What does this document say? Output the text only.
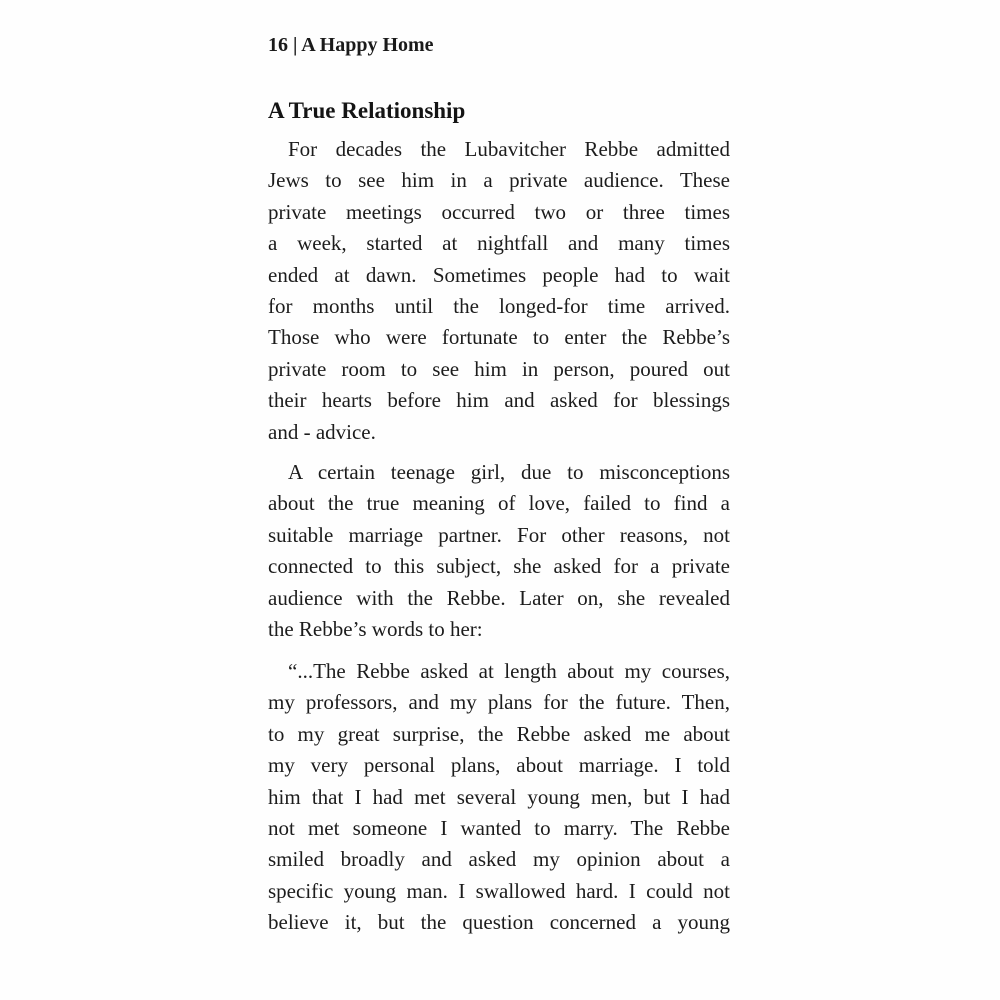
16 | A Happy Home
A True Relationship
For decades the Lubavitcher Rebbe admitted
Jews to see him in a private audience. These
private meetings occurred two or three times
a week, started at nightfall and many times
ended at dawn. Sometimes people had to wait
for months until the longed-for time arrived.
Those who were fortunate to enter the Rebbe’s
private room to see him in person, poured out
their hearts before him and asked for blessings
and - advice.
A certain teenage girl, due to misconceptions
about the true meaning of love, failed to find a
suitable marriage partner. For other reasons, not
connected to this subject, she asked for a private
audience with the Rebbe. Later on, she revealed
the Rebbe’s words to her:
“...The Rebbe asked at length about my courses,
my professors, and my plans for the future. Then,
to my great surprise, the Rebbe asked me about
my very personal plans, about marriage. I told
him that I had met several young men, but I had
not met someone I wanted to marry. The Rebbe
smiled broadly and asked my opinion about a
specific young man. I swallowed hard. I could not
believe it, but the question concerned a young
